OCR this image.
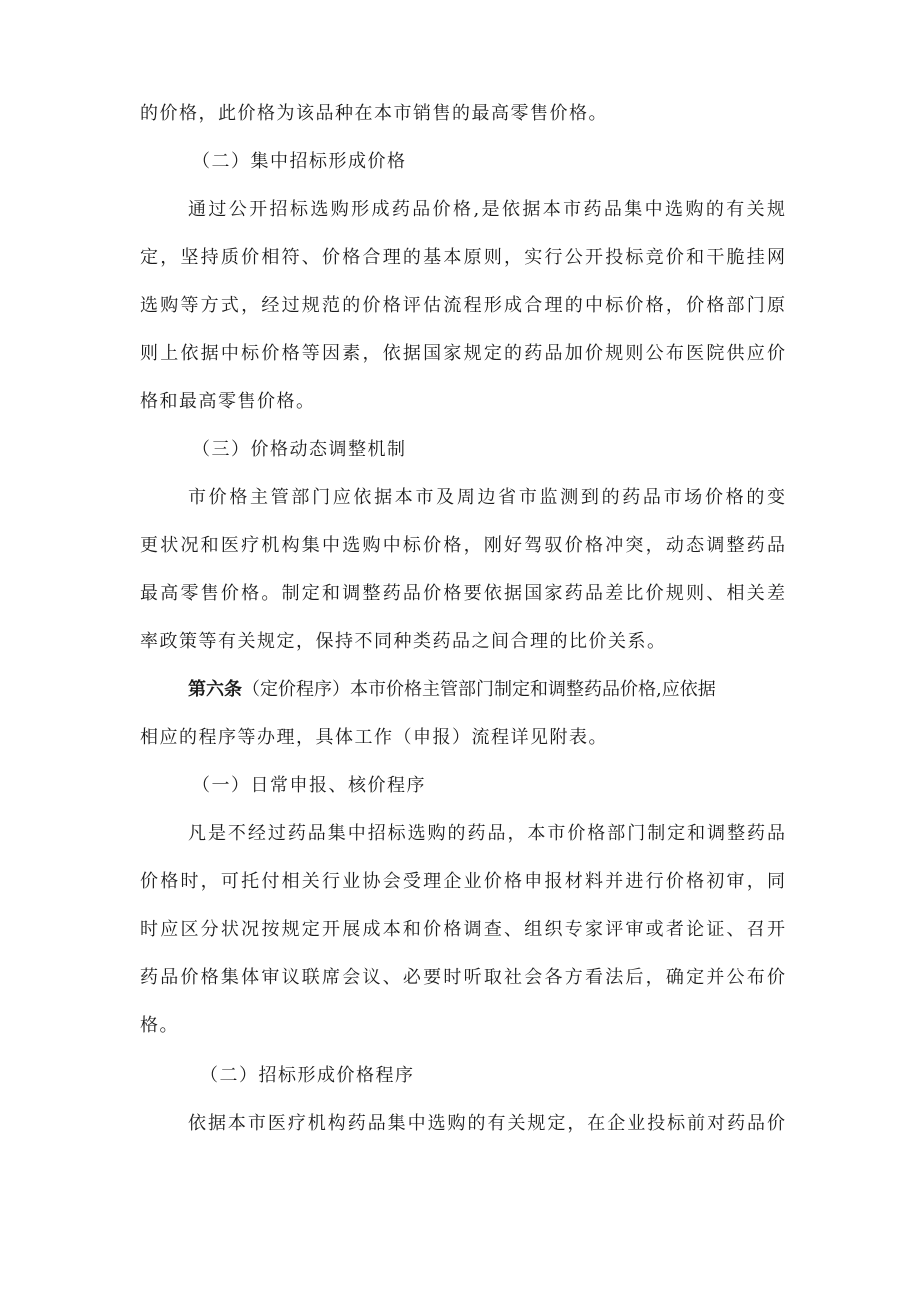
的价格，此价格为该品种在本市销售的最高零售价格。
（二）集中招标形成价格
通过公开招标选购形成药品价格,是依据本市药品集中选购的有关规
定，坚持质价相符、价格合理的基本原则，实行公开投标竞价和干脆挂网
选购等方式，经过规范的价格评估流程形成合理的中标价格，价格部门原
则上依据中标价格等因素，依据国家规定的药品加价规则公布医院供应价
格和最高零售价格。
（三）价格动态调整机制
市价格主管部门应依据本市及周边省市监测到的药品市场价格的变
更状况和医疗机构集中选购中标价格，刚好驾驭价格冲突，动态调整药品
最高零售价格。制定和调整药品价格要依据国家药品差比价规则、相关差
率政策等有关规定，保持不同种类药品之间合理的比价关系。
第六条（定价程序）本市价格主管部门制定和调整药品价格,应依据
相应的程序等办理，具体工作（申报）流程详见附表。
（一）日常申报、核价程序
凡是不经过药品集中招标选购的药品，本市价格部门制定和调整药品
价格时，可托付相关行业协会受理企业价格申报材料并进行价格初审，同
时应区分状况按规定开展成本和价格调查、组织专家评审或者论证、召开
药品价格集体审议联席会议、必要时听取社会各方看法后，确定并公布价
格。
（二）招标形成价格程序
依据本市医疗机构药品集中选购的有关规定，在企业投标前对药品价
